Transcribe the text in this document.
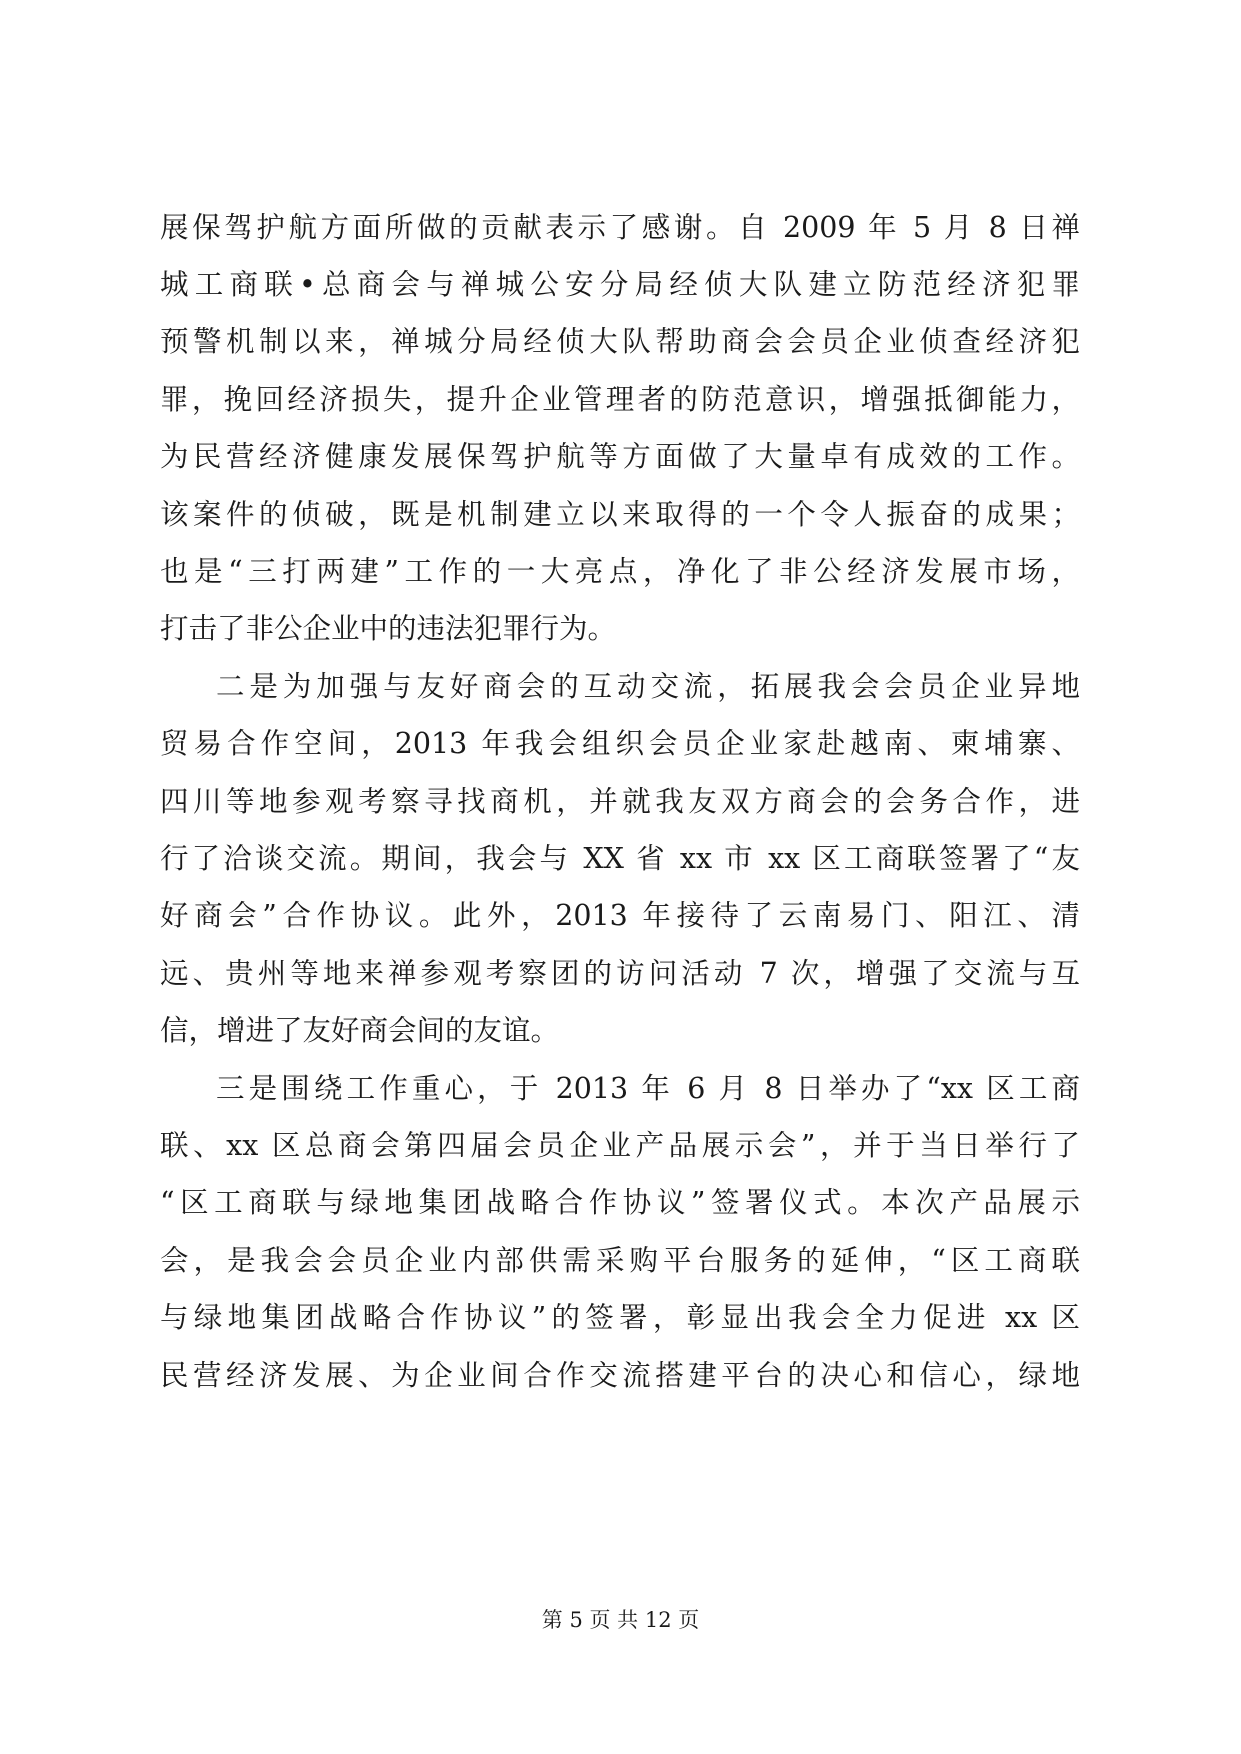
展保驾护航方面所做的贡献表示了感谢。自 2009 年 5 月 8 日禅
城工商联•总商会与禅城公安分局经侦大队建立防范经济犯罪
预警机制以来，禅城分局经侦大队帮助商会会员企业侦查经济犯
罪，挽回经济损失，提升企业管理者的防范意识，增强抵御能力，
为民营经济健康发展保驾护航等方面做了大量卓有成效的工作。
该案件的侦破，既是机制建立以来取得的一个令人振奋的成果；
也是“三打两建”工作的一大亮点，净化了非公经济发展市场，
打击了非公企业中的违法犯罪行为。
二是为加强与友好商会的互动交流，拓展我会会员企业异地
贸易合作空间，2013 年我会组织会员企业家赴越南、柬埔寨、
四川等地参观考察寻找商机，并就我友双方商会的会务合作，进
行了洽谈交流。期间，我会与 XX 省 xx 市 xx 区工商联签署了“友
好商会”合作协议。此外，2013 年接待了云南易门、阳江、清
远、贵州等地来禅参观考察团的访问活动 7 次，增强了交流与互
信，增进了友好商会间的友谊。
三是围绕工作重心，于 2013 年 6 月 8 日举办了“xx 区工商
联、xx 区总商会第四届会员企业产品展示会”，并于当日举行了
“区工商联与绿地集团战略合作协议”签署仪式。本次产品展示
会，是我会会员企业内部供需采购平台服务的延伸，“区工商联
与绿地集团战略合作协议”的签署，彰显出我会全力促进 xx 区
民营经济发展、为企业间合作交流搭建平台的决心和信心，绿地
第 5 页 共 12 页
